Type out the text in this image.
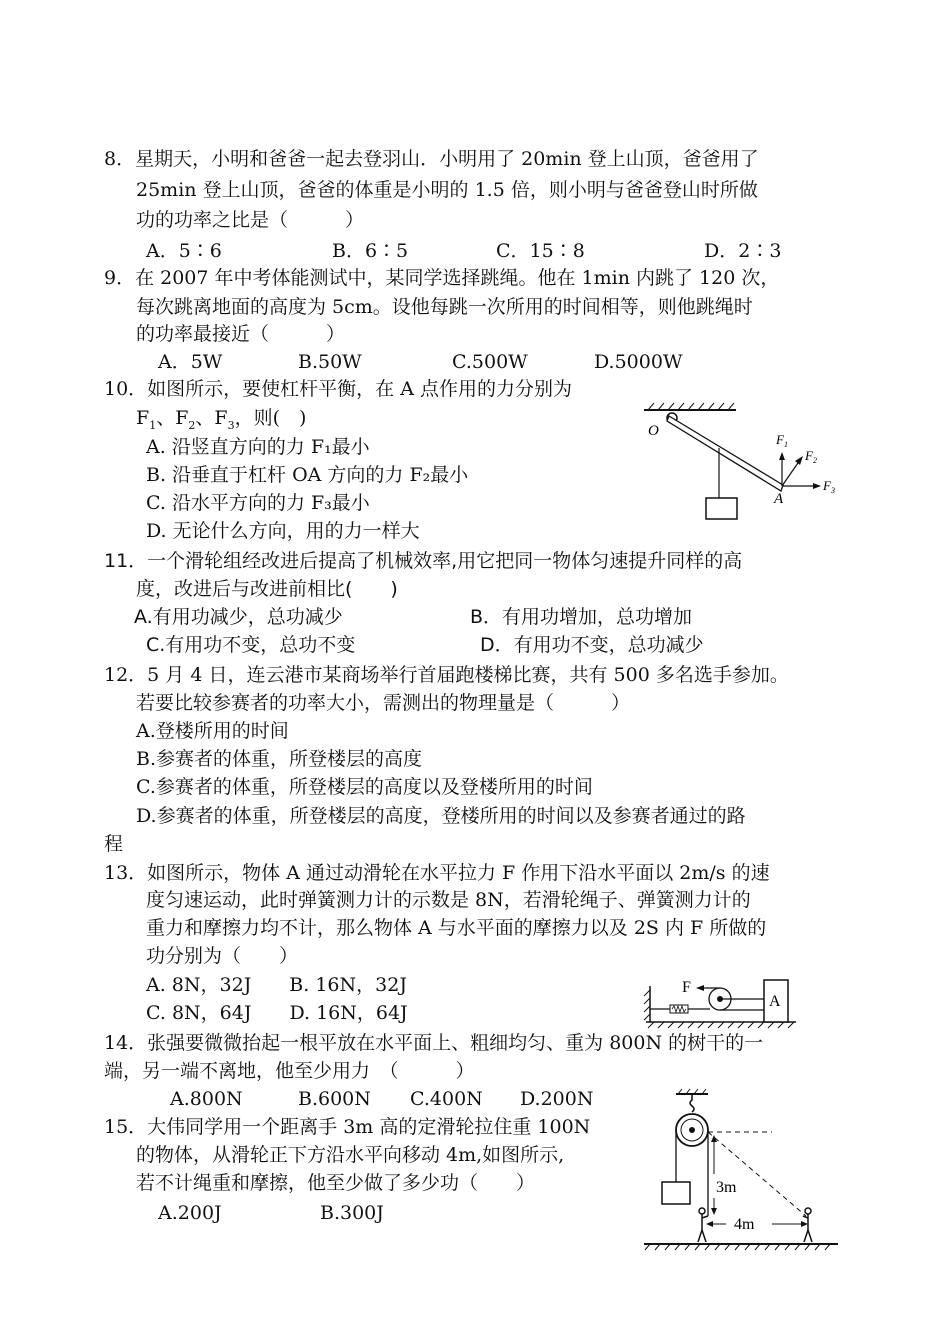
8．星期天，小明和爸爸一起去登羽山．小明用了 20min 登上山顶，爸爸用了
25min 登上山顶，爸爸的体重是小明的 1.5 倍，则小明与爸爸登山时所做
功的功率之比是（　　　）
A．5∶6	B．6∶5	C．15∶8	D．2∶3
9．在 2007 年中考体能测试中，某同学选择跳绳。他在 1min 内跳了 120 次，
每次跳离地面的高度为 5cm。设他每跳一次所用的时间相等，则他跳绳时
的功率最接近（　　　）
A．5W	B.50W	C.500W	D.5000W
10．如图所示，要使杠杆平衡，在 A 点作用的力分别为
$F_1$、$F_2$、$F_3$，则(　)
A. 沿竖直方向的力 F₁最小
B. 沿垂直于杠杆 OA 方向的力 F₂最小
C. 沿水平方向的力 F₃最小
D. 无论什么方向，用的力一样大
O
A
$F_1$
$F_2$
$F_3$
11．一个滑轮组经改进后提高了机械效率,用它把同一物体匀速提升同样的高
度，改进后与改进前相比(　　)
A.有用功减少，总功减少	B．有用功增加，总功增加
C.有用功不变，总功不变	D．有用功不变，总功减少
12．5 月 4 日，连云港市某商场举行首届跑楼梯比赛，共有 500 多名选手参加。
若要比较参赛者的功率大小，需测出的物理量是（　　　）
A.登楼所用的时间
B.参赛者的体重，所登楼层的高度
C.参赛者的体重，所登楼层的高度以及登楼所用的时间
D.参赛者的体重，所登楼层的高度，登楼所用的时间以及参赛者通过的路
程
13．如图所示，物体 A 通过动滑轮在水平拉力 F 作用下沿水平面以 2m/s 的速
度匀速运动，此时弹簧测力计的示数是 8N，若滑轮绳子、弹簧测力计的
重力和摩擦力均不计，那么物体 A 与水平面的摩擦力以及 2S 内 F 所做的
功分别为（　　）
A. 8N，32J　　B. 16N，32J
C. 8N，64J　　D. 16N，64J
F
A
14．张强要微微抬起一根平放在水平面上、粗细均匀、重为 800N 的树干的一
端，另一端不离地，他至少用力　（　　　）
A.800N	B.600N C.400N D.200N
15．大伟同学用一个距离手 3m 高的定滑轮拉住重 100N
的物体，从滑轮正下方沿水平向移动 4m,如图所示,
若不计绳重和摩擦，他至少做了多少功（　　）
A.200J	B.300J
3m
4m
